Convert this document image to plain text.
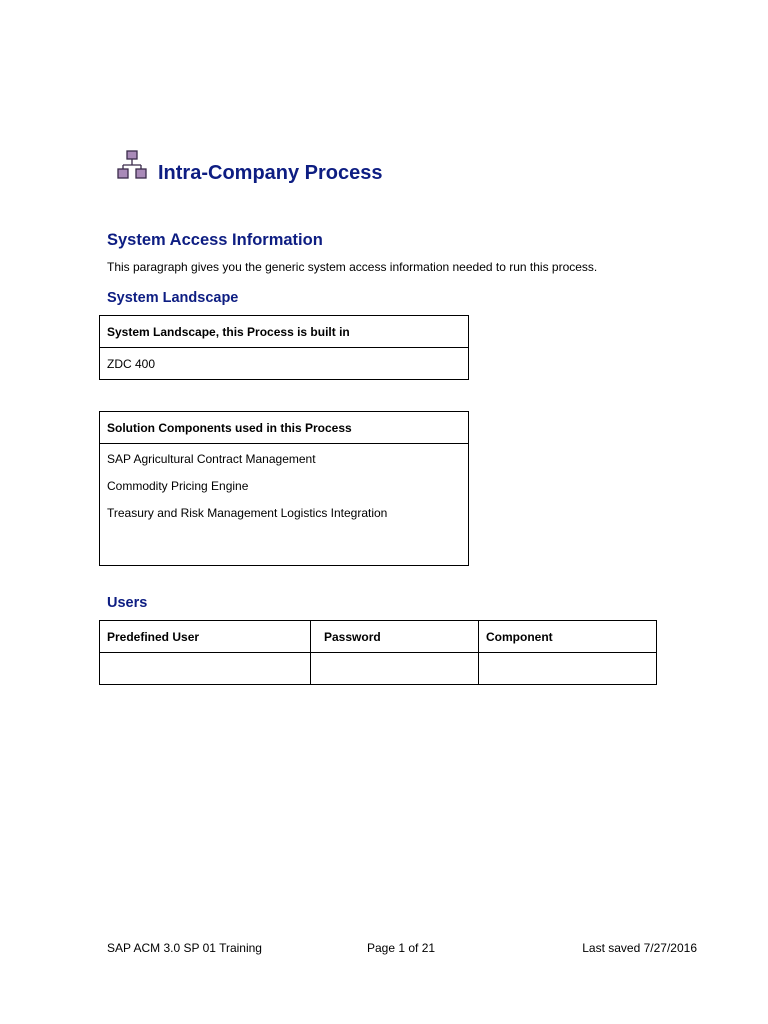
Intra-Company Process
System Access Information
This paragraph gives you the generic system access information needed to run this process.
System Landscape
System Landscape, this Process is built in
ZDC 400
Solution Components used in this Process

SAP Agricultural Contract Management
Commodity Pricing Engine
Treasury and Risk Management Logistics Integration
Users
Predefined User	Password	Component

SAP ACM 3.0 SP 01 Training	Page 1 of 21	Last saved 7/27/2016
